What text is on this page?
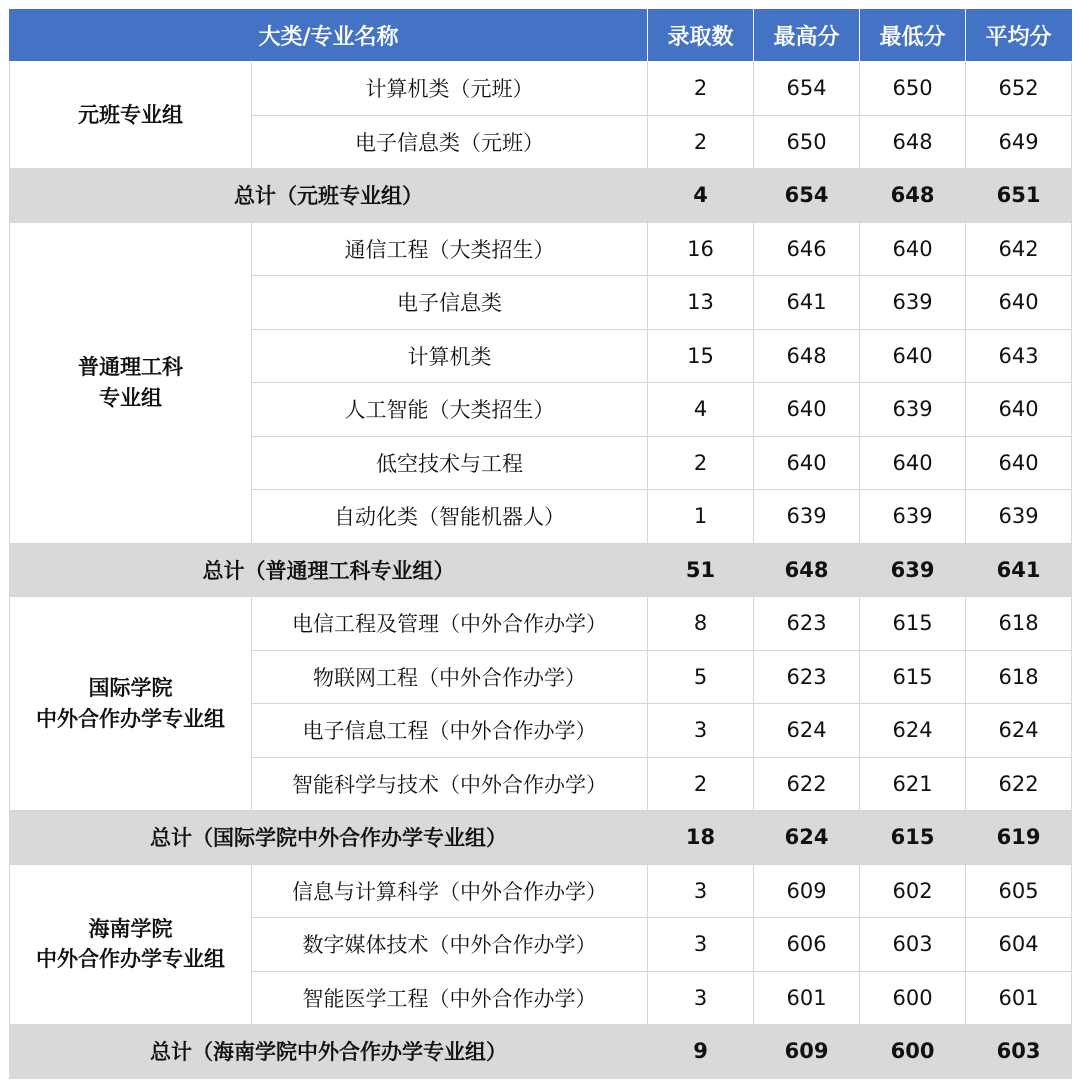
大类/专业名称		录取数	最高分	最低分	平均分

元班专业组	计算机类（元班）	2	654	650	652
	电子信息类（元班）	2	650	648	649
总计（元班专业组）		4	654	648	651

普通理工科
专业组	通信工程（大类招生）	16	646	640	642
	电子信息类	13	641	639	640
	计算机类	15	648	640	643
	人工智能（大类招生）	4	640	639	640
	低空技术与工程	2	640	640	640
	自动化类（智能机器人）	1	639	639	639
总计（普通理工科专业组）		51	648	639	641

国际学院
中外合作办学专业组	电信工程及管理（中外合作办学）	8	623	615	618
	物联网工程（中外合作办学）	5	623	615	618
	电子信息工程（中外合作办学）	3	624	624	624
	智能科学与技术（中外合作办学）	2	622	621	622
总计（国际学院中外合作办学专业组）		18	624	615	619

海南学院
中外合作办学专业组	信息与计算科学（中外合作办学）	3	609	602	605
	数字媒体技术（中外合作办学）	3	606	603	604
	智能医学工程（中外合作办学）	3	601	600	601
总计（海南学院中外合作办学专业组）		9	609	600	603
